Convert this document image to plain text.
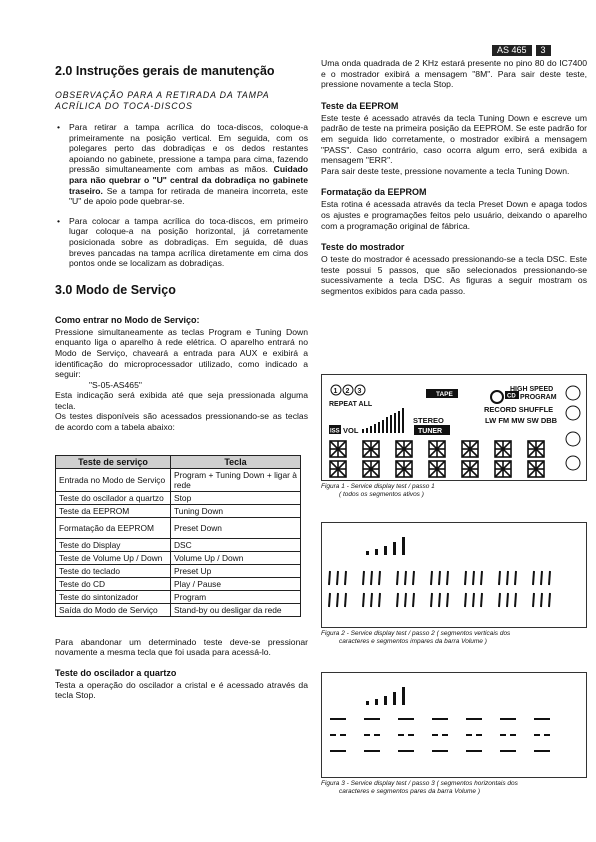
AS 465	3
2.0 Instruções gerais de manutenção

OBSERVAÇÃO PARA A RETIRADA DA TAMPA ACRÍLICA DO TOCA-DISCOS

• Para retirar a tampa acrílica do toca-discos, coloque-a primeiramente na posição vertical. Em seguida, com os polegares perto das dobradiças e os dedos restantes apoiando no gabinete, pressione a tampa para cima, fazendo pressão simultaneamente com ambas as mãos. Cuidado para não quebrar o "U" central da dobradiça no gabinete traseiro. Se a tampa for retirada de maneira incorreta, este "U" de apoio pode quebrar-se.
• Para colocar a tampa acrílica do toca-discos, em primeiro lugar coloque-a na posição horizontal, já corretamente posicionada sobre as dobradiças. Em seguida, dê duas breves pancadas na tampa acrílica diretamente em cima dos pontos onde se localizam as dobradiças.
3.0 Modo de Serviço
Como entrar no Modo de Serviço:

Pressione simultaneamente as teclas Program e Tuning Down enquanto liga o aparelho à rede elétrica. O aparelho entrará no Modo de Serviço, chaveará a entrada para AUX e exibirá a identificação do microprocessador utilizado, como indicado a seguir:

"S-05-AS465"

Esta indicação será exibida até que seja pressionada alguma tecla.

Os testes disponíveis são acessados pressionando-se as teclas de acordo com a tabela abaixo:

Teste de serviço	Tecla
Entrada no Modo de Serviço	Program + Tuning Down + ligar à rede
Teste do oscilador a quartzo	Stop
Teste da EEPROM	Tuning Down
Formatação da EEPROM	Preset Down
Teste do Display	DSC
Teste de Volume Up / Down	Volume Up / Down
Teste do teclado	Preset Up
Teste do CD	Play / Pause
Teste do sintonizador	Program
Saída do Modo de Serviço	Stand-by ou desligar da rede

Para abandonar um determinado teste deve-se pressionar novamente a mesma tecla que foi usada para acessá-lo.

Teste do oscilador a quartzo

Testa a operação do oscilador a cristal e é acessado através da tecla Stop.

Uma onda quadrada de 2 KHz estará presente no pino 80 do IC7400 e o mostrador exibirá a mensagem "8M". Para sair deste teste, pressione novamente a tecla Stop.

Teste da EEPROM

Este teste é acessado através da tecla Tuning Down e escreve um padrão de teste na primeira posição da EEPROM. Se este padrão for em seguida lido corretamente, o mostrador exibirá a mensagem "PASS". Caso contrário, caso ocorra algum erro, será exibida a mensagem "ERR".

Para sair deste teste, pressione novamente a tecla Tuning Down.

Formatação da EEPROM

Esta rotina é acessada através da tecla Preset Down e apaga todos os ajustes e programações feitos pelo usuário, deixando o aparelho com a programação original de fábrica.

Teste do mostrador

O teste do mostrador é acessado pressionando-se a tecla DSC. Este teste possui 5 passos, que são selecionados pressionando-se sucessivamente a tecla DSC. As figuras a seguir mostram os segmentos exibidos para cada passo.

1 2 3
REPEAT ALL
TAPE
STEREO
TUNER
ISS VOL
CD
HIGH SPEED
PROGRAM
RECORD SHUFFLE
LW FM MW SW DBB
Figura 1 - Service display test / passo 1
( todos os segmentos ativos )
Figura 2 - Service display test / passo 2 ( segmentos verticais dos
caracteres e segmentos impares da barra Volume )
Figura 3 - Service display test / passo 3 ( segmentos horizontais dos
caracteres e segmentos pares da barra Volume )
